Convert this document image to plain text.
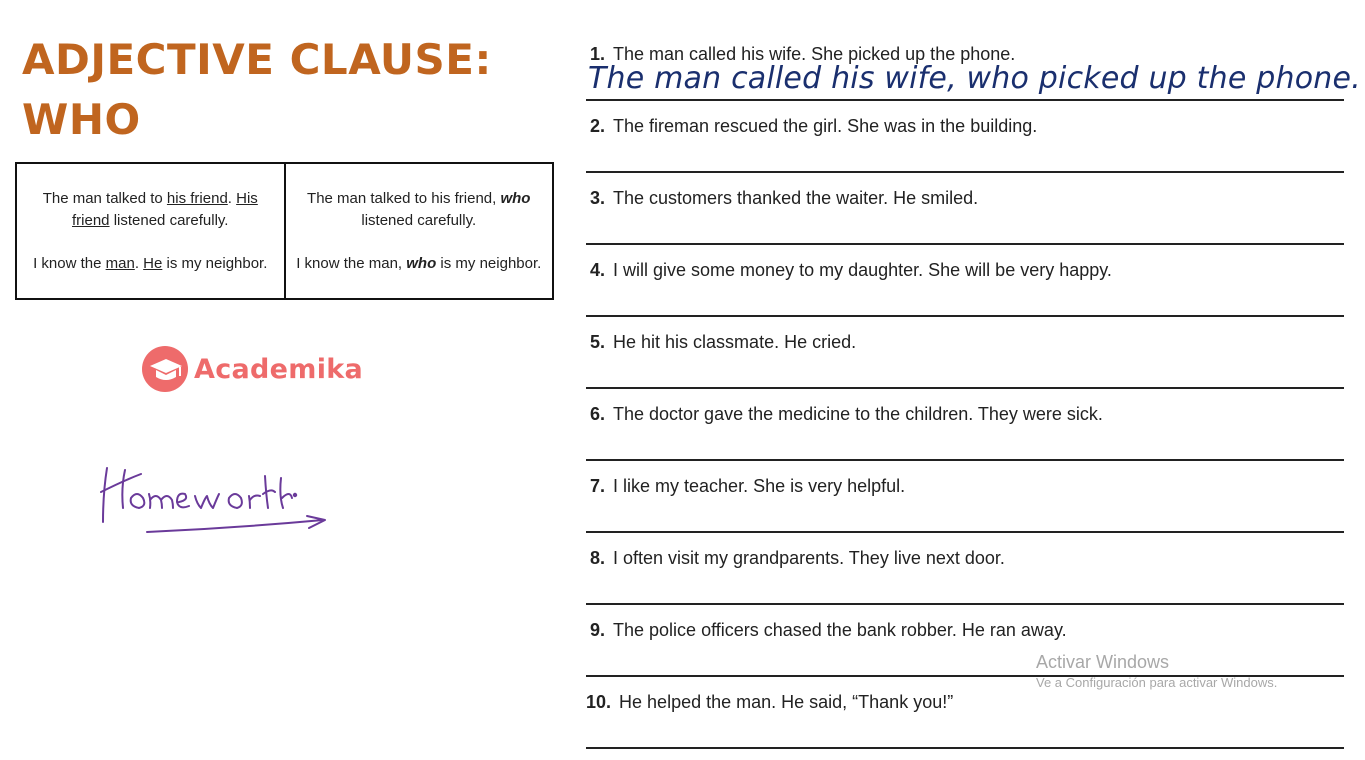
ADJECTIVE CLAUSE:
WHO

The man talked to his friend. His
friend listened carefully.

I know the man. He is my neighbor.

The man talked to his friend, who listened carefully.

I know the man, who is my neighbor.

Academika
1. The man called his wife. She picked up the phone.
The man called his wife, who picked up the phone.
2. The fireman rescued the girl. She was in the building.
3. The customers thanked the waiter. He smiled.
4. I will give some money to my daughter. She will be very happy.
5. He hit his classmate. He cried.
6. The doctor gave the medicine to the children. They were sick.
7. I like my teacher. She is very helpful.
8. I often visit my grandparents. They live next door.
9. The police officers chased the bank robber. He ran away.
10. He helped the man. He said, “Thank you!”
Activar Windows
Ve a Configuración para activar Windows.
